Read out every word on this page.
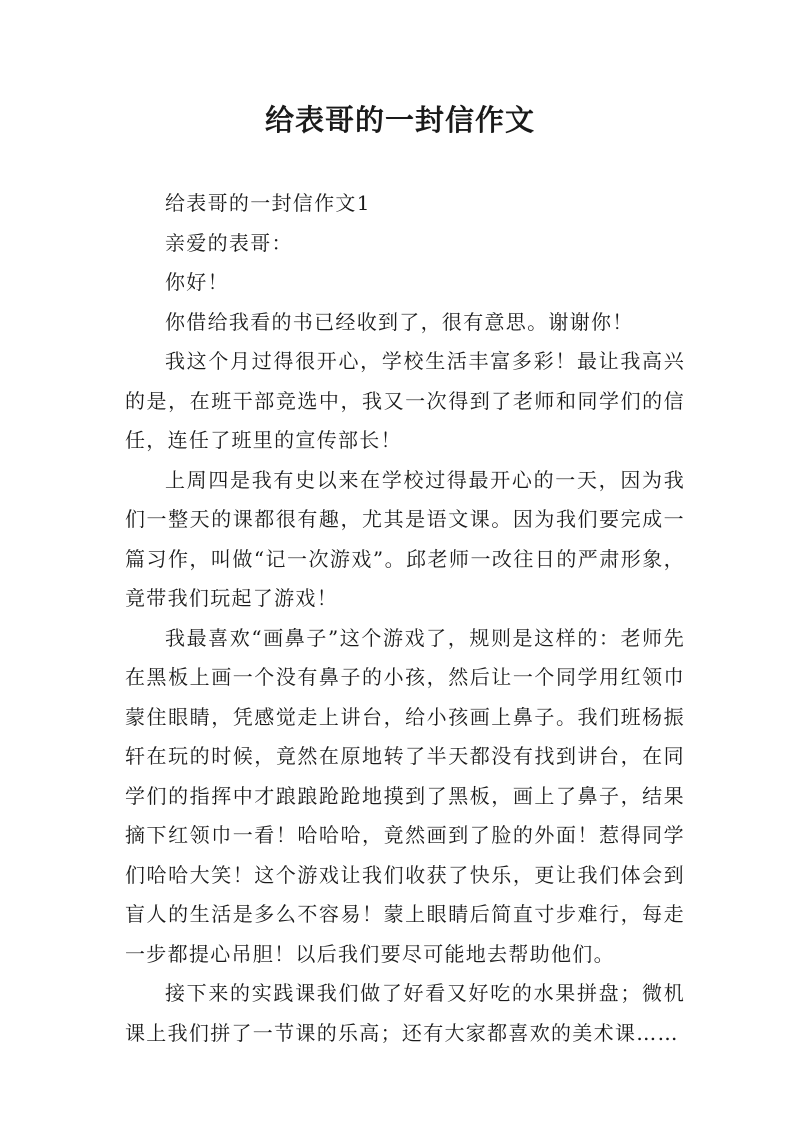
给表哥的一封信作文

给表哥的一封信作文1

亲爱的表哥：

你好！

你借给我看的书已经收到了，很有意思。谢谢你！

我这个月过得很开心，学校生活丰富多彩！最让我高兴的是，在班干部竞选中，我又一次得到了老师和同学们的信任，连任了班里的宣传部长！

上周四是我有史以来在学校过得最开心的一天，因为我们一整天的课都很有趣，尤其是语文课。因为我们要完成一篇习作，叫做“记一次游戏”。邱老师一改往日的严肃形象，竟带我们玩起了游戏！

我最喜欢“画鼻子”这个游戏了，规则是这样的：老师先在黑板上画一个没有鼻子的小孩，然后让一个同学用红领巾蒙住眼睛，凭感觉走上讲台，给小孩画上鼻子。我们班杨振轩在玩的时候，竟然在原地转了半天都没有找到讲台，在同学们的指挥中才踉踉跄跄地摸到了黑板，画上了鼻子，结果摘下红领巾一看！哈哈哈，竟然画到了脸的外面！惹得同学们哈哈大笑！这个游戏让我们收获了快乐，更让我们体会到盲人的生活是多么不容易！蒙上眼睛后简直寸步难行，每走一步都提心吊胆！以后我们要尽可能地去帮助他们。

接下来的实践课我们做了好看又好吃的水果拼盘；微机课上我们拼了一节课的乐高；还有大家都喜欢的美术课……
